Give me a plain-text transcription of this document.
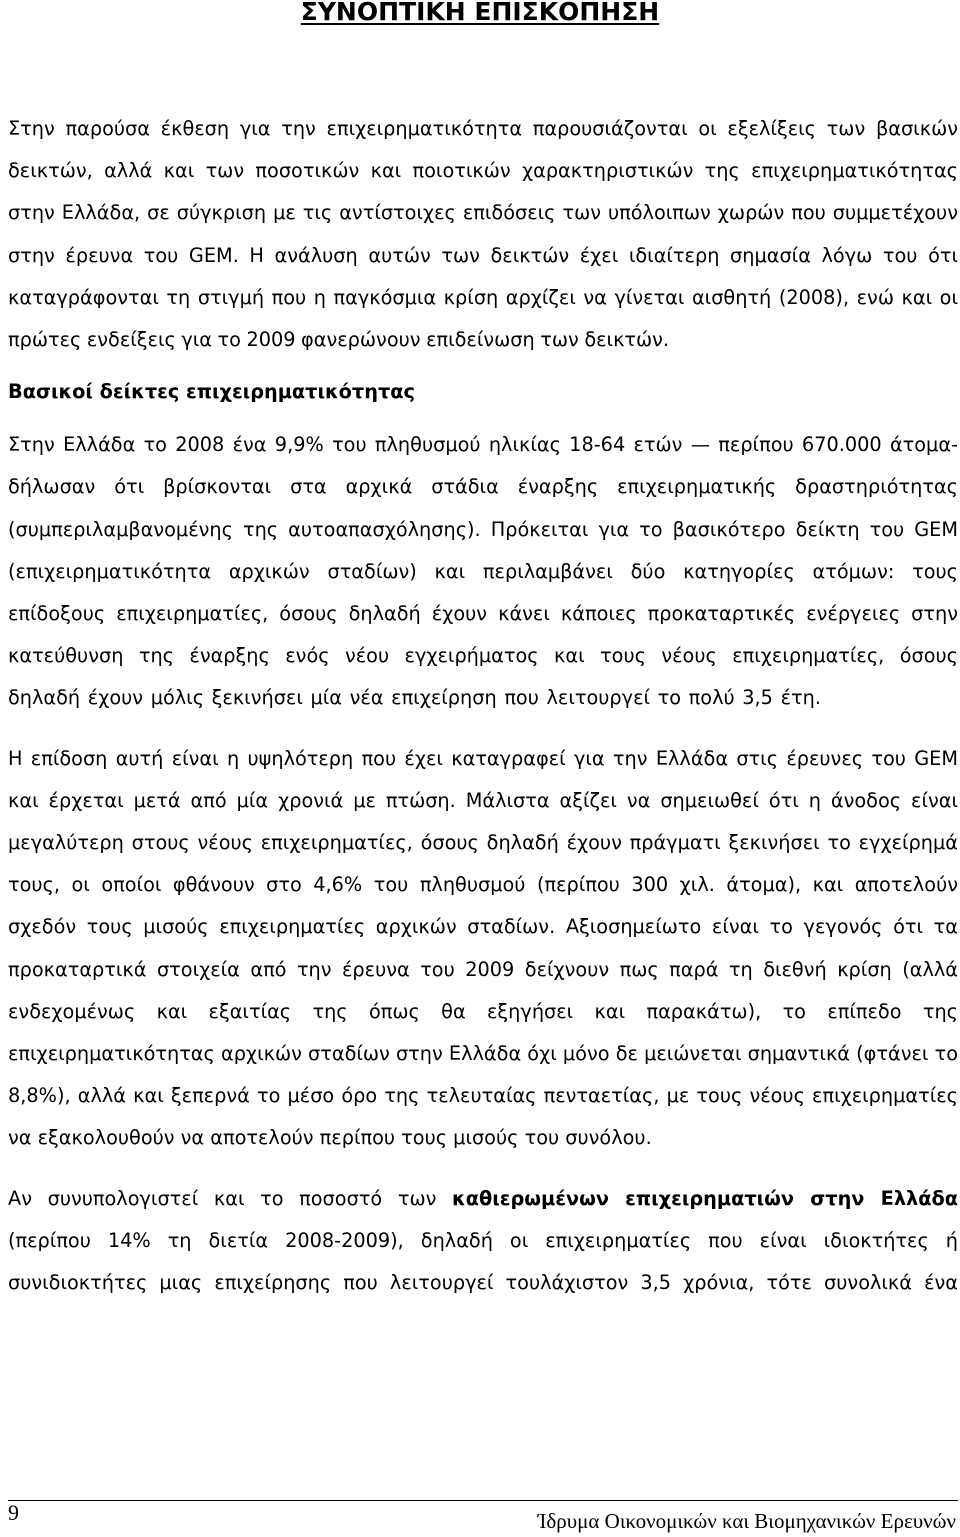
ΣΥΝΟΠΤΙΚΗ ΕΠΙΣΚΟΠΗΣΗ

Στην παρούσα έκθεση για την επιχειρηματικότητα παρουσιάζονται οι εξελίξεις των βασικών δεικτών, αλλά και των ποσοτικών και ποιοτικών χαρακτηριστικών της επιχειρηματικότητας στην Ελλάδα, σε σύγκριση με τις αντίστοιχες επιδόσεις των υπόλοιπων χωρών που συμμετέχουν στην έρευνα του GEM. Η ανάλυση αυτών των δεικτών έχει ιδιαίτερη σημασία λόγω του ότι καταγράφονται τη στιγμή που η παγκόσμια κρίση αρχίζει να γίνεται αισθητή (2008), ενώ και οι πρώτες ενδείξεις για το 2009 φανερώνουν επιδείνωση των δεικτών.

Βασικοί δείκτες επιχειρηματικότητας

Στην Ελλάδα το 2008 ένα 9,9% του πληθυσμού ηλικίας 18-64 ετών — περίπου 670.000 άτομα- δήλωσαν ότι βρίσκονται στα αρχικά στάδια έναρξης επιχειρηματικής δραστηριότητας (συμπεριλαμβανομένης της αυτοαπασχόλησης). Πρόκειται για το βασικότερο δείκτη του GEM (επιχειρηματικότητα αρχικών σταδίων) και περιλαμβάνει δύο κατηγορίες ατόμων: τους επίδοξους επιχειρηματίες, όσους δηλαδή έχουν κάνει κάποιες προκαταρτικές ενέργειες στην κατεύθυνση της έναρξης ενός νέου εγχειρήματος και τους νέους επιχειρηματίες, όσους δηλαδή έχουν μόλις ξεκινήσει μία νέα επιχείρηση που λειτουργεί το πολύ 3,5 έτη.

Η επίδοση αυτή είναι η υψηλότερη που έχει καταγραφεί για την Ελλάδα στις έρευνες του GEM και έρχεται μετά από μία χρονιά με πτώση. Μάλιστα αξίζει να σημειωθεί ότι η άνοδος είναι μεγαλύτερη στους νέους επιχειρηματίες, όσους δηλαδή έχουν πράγματι ξεκινήσει το εγχείρημά τους, οι οποίοι φθάνουν στο 4,6% του πληθυσμού (περίπου 300 χιλ. άτομα), και αποτελούν σχεδόν τους μισούς επιχειρηματίες αρχικών σταδίων. Αξιοσημείωτο είναι το γεγονός ότι τα προκαταρτικά στοιχεία από την έρευνα του 2009 δείχνουν πως παρά τη διεθνή κρίση (αλλά ενδεχομένως και εξαιτίας της όπως θα εξηγήσει και παρακάτω), το επίπεδο της επιχειρηματικότητας αρχικών σταδίων στην Ελλάδα όχι μόνο δε μειώνεται σημαντικά (φτάνει το 8,8%), αλλά και ξεπερνά το μέσο όρο της τελευταίας πενταετίας, με τους νέους επιχειρηματίες να εξακολουθούν να αποτελούν περίπου τους μισούς του συνόλου.

Αν συνυπολογιστεί και το ποσοστό των καθιερωμένων επιχειρηματιών στην Ελλάδα (περίπου 14% τη διετία 2008-2009), δηλαδή οι επιχειρηματίες που είναι ιδιοκτήτες ή συνιδιοκτήτες μιας επιχείρησης που λειτουργεί τουλάχιστον 3,5 χρόνια, τότε συνολικά ένα

9	Ίδρυμα Οικονομικών και Βιομηχανικών Ερευνών
